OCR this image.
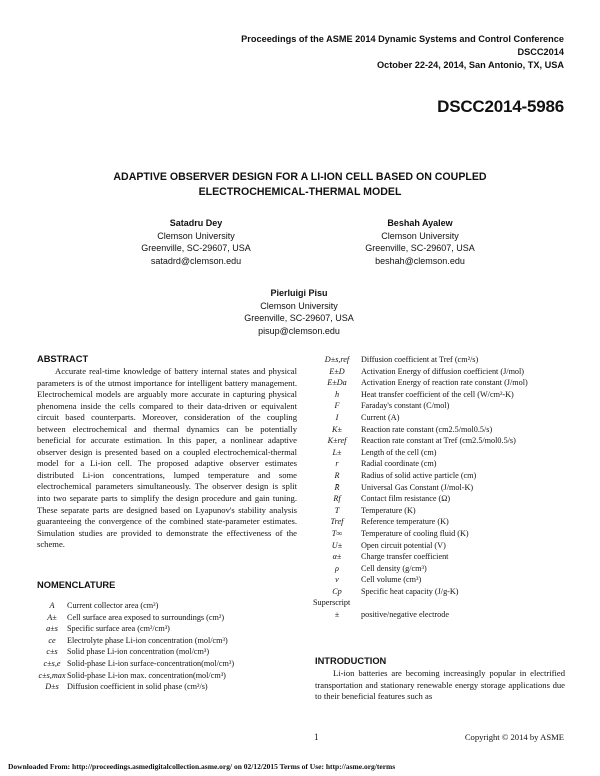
Proceedings of the ASME 2014 Dynamic Systems and Control Conference
DSCC2014
October 22-24, 2014, San Antonio, TX, USA
DSCC2014-5986
ADAPTIVE OBSERVER DESIGN FOR A LI-ION CELL BASED ON COUPLED
ELECTROCHEMICAL-THERMAL MODEL
Satadru Dey
Clemson University
Greenville, SC-29607, USA
satadrd@clemson.edu
Beshah Ayalew
Clemson University
Greenville, SC-29607, USA
beshah@clemson.edu
Pierluigi Pisu
Clemson University
Greenville, SC-29607, USA
pisup@clemson.edu
ABSTRACT
Accurate real-time knowledge of battery internal states and physical parameters is of the utmost importance for intelligent battery management. Electrochemical models are arguably more accurate in capturing physical phenomena inside the cells compared to their data-driven or equivalent circuit based counterparts. Moreover, consideration of the coupling between electrochemical and thermal dynamics can be potentially beneficial for accurate estimation. In this paper, a nonlinear adaptive observer design is presented based on a coupled electrochemical-thermal model for a Li-ion cell. The proposed adaptive observer estimates distributed Li-ion concentrations, lumped temperature and some electrochemical parameters simultaneously. The observer design is split into two separate parts to simplify the design procedure and gain tuning. These separate parts are designed based on Lyapunov's stability analysis guaranteeing the convergence of the combined state-parameter estimates. Simulation studies are provided to demonstrate the effectiveness of the scheme.
NOMENCLATURE
A Current collector area (cm²)
A± Cell surface area exposed to surroundings (cm²)
a±s Specific surface area (cm²/cm³)
ce Electrolyte phase Li-ion concentration (mol/cm³)
c±s Solid phase Li-ion concentration (mol/cm³)
c±s,e Solid-phase Li-ion surface-concentration(mol/cm³)
c±s,max Solid-phase Li-ion max. concentration(mol/cm³)
D±s Diffusion coefficient in solid phase (cm²/s)
D±s,ref Diffusion coefficient at Tref (cm²/s)
E±D Activation Energy of diffusion coefficient (J/mol)
E±Da Activation Energy of reaction rate constant (J/mol)
h	Heat transfer coefficient of the cell (W/cm²-K)
F	Faraday's constant (C/mol)
I	Current (A)
K± Reaction rate constant (cm2.5/mol0.5/s)
K±ref Reaction rate constant at Tref (cm2.5/mol0.5/s)
L± Length of the cell (cm)
r	Radial coordinate (cm)
R	Radius of solid active particle (cm)
R̄	Universal Gas Constant (J/mol-K)
Rf Contact film resistance (Ω)
T	Temperature (K)
Tref Reference temperature (K)
T∞ Temperature of cooling fluid (K)
U± Open circuit potential (V)
α± Charge transfer coefficient
ρ	Cell density (g/cm³)
ν	Cell volume (cm³)
Cp Specific heat capacity (J/g-K)
Superscript
±	positive/negative electrode
INTRODUCTION
Li-ion batteries are becoming increasingly popular in electrified transportation and stationary renewable energy storage applications due to their beneficial features such as
1	Copyright © 2014 by ASME
Downloaded From: http://proceedings.asmedigitalcollection.asme.org/ on 02/12/2015 Terms of Use: http://asme.org/terms
